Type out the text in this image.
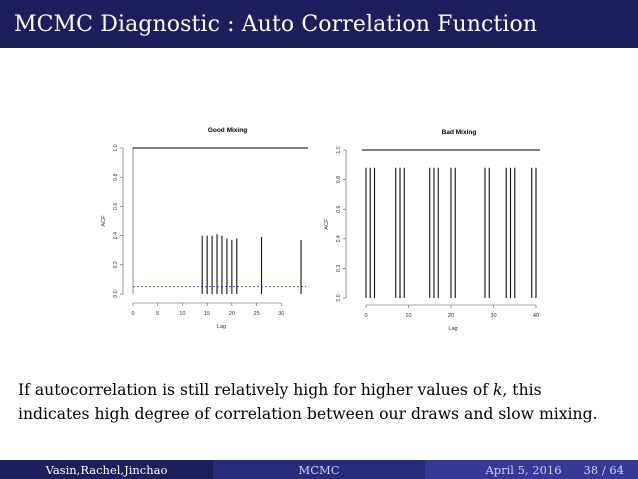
MCMC Diagnostic : Auto Correlation Function
Good Mixing
0.0
0.2
0.4
0.6
0.8
1.0
ACF
0	5	10	15	20	25	30
Lag
Bad Mixing
0.0
0.2
0.4
0.6
0.8
1.0
ACF
0	10	20	30	40
Lag
If autocorrelation is still relatively high for higher values of k, this
indicates high degree of correlation between our draws and slow mixing.
Vasin,Rachel,Jinchao	MCMC	April 5, 2016 38 / 64
